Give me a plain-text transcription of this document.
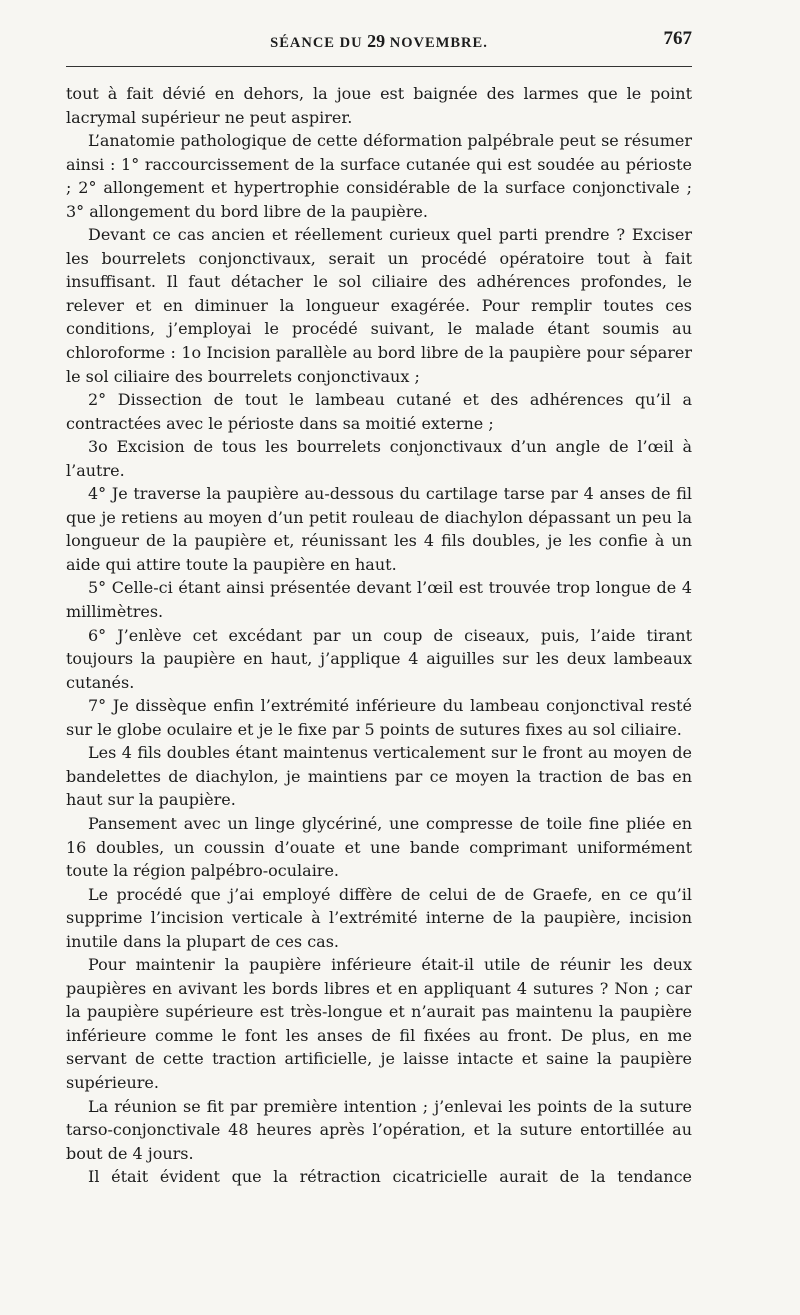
SÉANCE DU 29 NOVEMBRE.	767

tout à fait dévié en dehors, la joue est baignée des larmes que le point lacrymal supérieur ne peut aspirer.

L’anatomie pathologique de cette déformation palpébrale peut se résumer ainsi : 1° raccourcissement de la surface cutanée qui est soudée au périoste ; 2° allongement et hypertrophie considérable de la surface conjonctivale ; 3° allongement du bord libre de la paupière.

Devant ce cas ancien et réellement curieux quel parti prendre ? Exciser les bourrelets conjonctivaux, serait un procédé opératoire tout à fait insuffisant. Il faut détacher le sol ciliaire des adhérences profondes, le relever et en diminuer la longueur exagérée. Pour remplir toutes ces conditions, j’employai le procédé suivant, le malade étant soumis au chloroforme : 1o Incision parallèle au bord libre de la paupière pour séparer le sol ciliaire des bourrelets conjonctivaux ;

2° Dissection de tout le lambeau cutané et des adhérences qu’il a contractées avec le périoste dans sa moitié externe ;

3o Excision de tous les bourrelets conjonctivaux d’un angle de l’œil à l’autre.

4° Je traverse la paupière au-dessous du cartilage tarse par 4 anses de fil que je retiens au moyen d’un petit rouleau de diachylon dépassant un peu la longueur de la paupière et, réunissant les 4 fils doubles, je les confie à un aide qui attire toute la paupière en haut.

5° Celle-ci étant ainsi présentée devant l’œil est trouvée trop longue de 4 millimètres.

6° J’enlève cet excédant par un coup de ciseaux, puis, l’aide tirant toujours la paupière en haut, j’applique 4 aiguilles sur les deux lambeaux cutanés.

7° Je dissèque enfin l’extrémité inférieure du lambeau conjonctival resté sur le globe oculaire et je le fixe par 5 points de sutures fixes au sol ciliaire.

Les 4 fils doubles étant maintenus verticalement sur le front au moyen de bandelettes de diachylon, je maintiens par ce moyen la traction de bas en haut sur la paupière.

Pansement avec un linge glycériné, une compresse de toile fine pliée en 16 doubles, un coussin d’ouate et une bande comprimant uniformément toute la région palpébro-oculaire.

Le procédé que j’ai employé diffère de celui de de Graefe, en ce qu’il supprime l’incision verticale à l’extrémité interne de la paupière, incision inutile dans la plupart de ces cas.

Pour maintenir la paupière inférieure était-il utile de réunir les deux paupières en avivant les bords libres et en appliquant 4 sutures ? Non ; car la paupière supérieure est très-longue et n’aurait pas maintenu la paupière inférieure comme le font les anses de fil fixées au front. De plus, en me servant de cette traction artificielle, je laisse intacte et saine la paupière supérieure.

La réunion se fit par première intention ; j’enlevai les points de la suture tarso-conjonctivale 48 heures après l’opération, et la suture entortillée au bout de 4 jours.

Il était évident que la rétraction cicatricielle aurait de la tendance
